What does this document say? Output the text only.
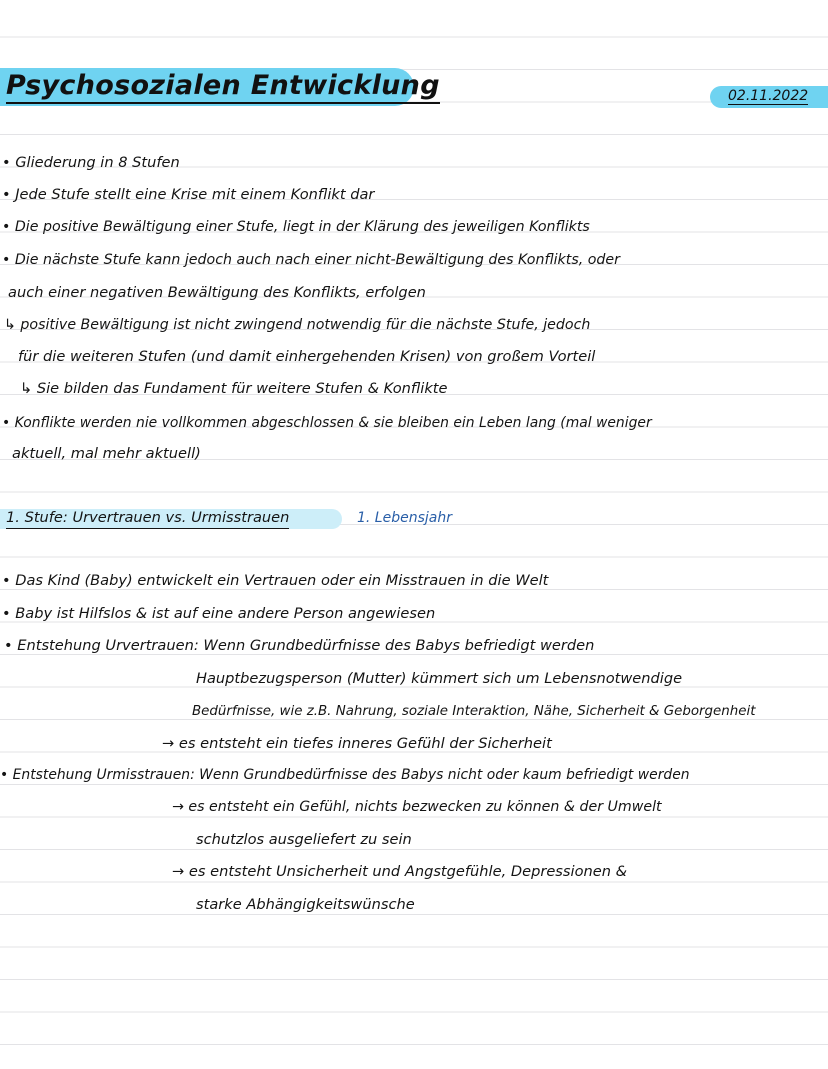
Psychosozialen Entwicklung	02.11.2022
• Gliederung in 8 Stufen
• Jede Stufe stellt eine Krise mit einem Konflikt dar
• Die positive Bewältigung einer Stufe, liegt in der Klärung des jeweiligen Konflikts
• Die nächste Stufe kann jedoch auch nach einer nicht-Bewältigung des Konflikts, oder
auch einer negativen Bewältigung des Konflikts, erfolgen
↳ positive Bewältigung ist nicht zwingend notwendig für die nächste Stufe, jedoch
für die weiteren Stufen (und damit einhergehenden Krisen) von großem Vorteil
↳ Sie bilden das Fundament für weitere Stufen & Konflikte
• Konflikte werden nie vollkommen abgeschlossen & sie bleiben ein Leben lang (mal weniger
aktuell, mal mehr aktuell)
1. Stufe: Urvertrauen vs. Urmisstrauen	1. Lebensjahr
• Das Kind (Baby) entwickelt ein Vertrauen oder ein Misstrauen in die Welt
• Baby ist Hilfslos & ist auf eine andere Person angewiesen
• Entstehung Urvertrauen: Wenn Grundbedürfnisse des Babys befriedigt werden
Hauptbezugsperson (Mutter) kümmert sich um Lebensnotwendige
Bedürfnisse, wie z.B. Nahrung, soziale Interaktion, Nähe, Sicherheit & Geborgenheit
→ es entsteht ein tiefes inneres Gefühl der Sicherheit
• Entstehung Urmisstrauen: Wenn Grundbedürfnisse des Babys nicht oder kaum befriedigt werden
→ es entsteht ein Gefühl, nichts bezwecken zu können & der Umwelt
schutzlos ausgeliefert zu sein
→ es entsteht Unsicherheit und Angstgefühle, Depressionen &
starke Abhängigkeitswünsche
